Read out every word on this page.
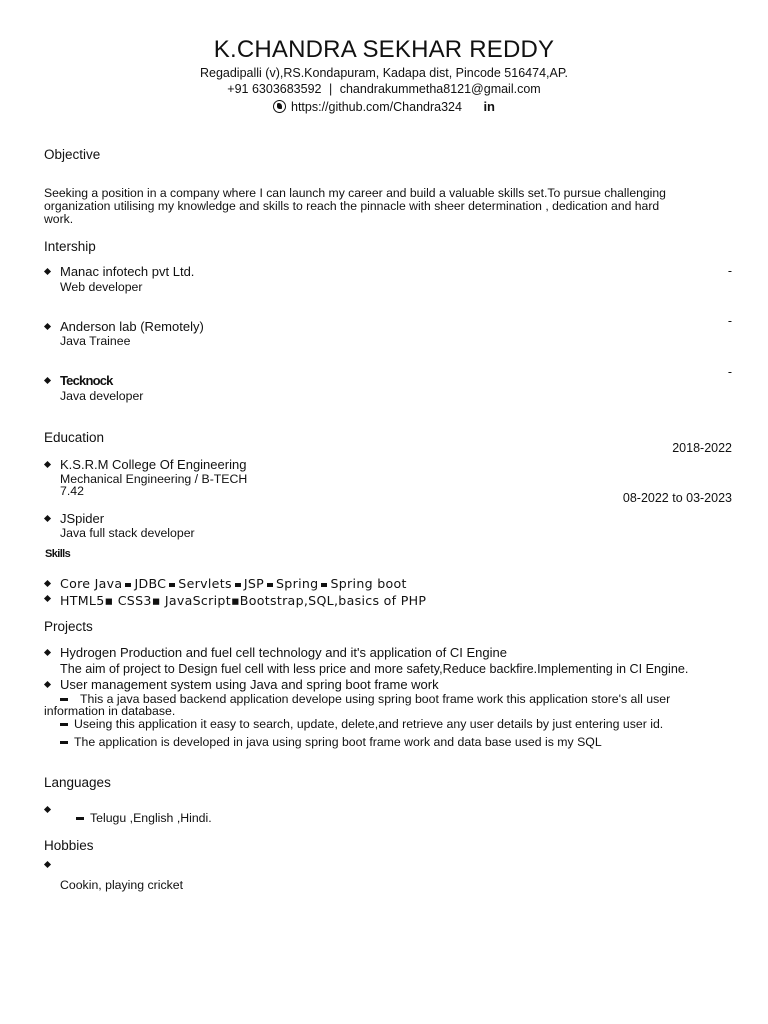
K.CHANDRA SEKHAR REDDY
Regadipalli (v),RS.Kondapuram, Kadapa dist, Pincode 516474,AP.
+91 6303683592 | chandrakummetha8121@gmail.com
https://github.com/Chandra324 in
Objective
Seeking a position in a company where I can launch my career and build a valuable skills set.To pursue challenging
organization utilising my knowledge and skills to reach the pinnacle with sheer determination , dedication and hard
work.
Intership
Manac infotech pvt Ltd.
Web developer
-
Anderson lab (Remotely)
Java Trainee
-
Tecknock
Java developer
-
Education
2018-2022
K.S.R.M College Of Engineering
Mechanical Engineering / B-TECH
7.42	08-2022 to 03-2023
JSpider
Java full stack developer
Skills
Core Java JDBC Servlets JSP Spring Spring boot
HTML5▪ CSS3▪ JavaScript▪Bootstrap,SQL,basics of PHP
Projects
Hydrogen Production and fuel cell technology and it's application of CI Engine
The aim of project to Design fuel cell with less price and more safety,Reduce backfire.Implementing in CI Engine.
User management system using Java and spring boot frame work
This a java based backend application develope using spring boot frame work this application store's all user
information in database.
Useing this application it easy to search, update, delete,and retrieve any user details by just entering user id.
The application is developed in java using spring boot frame work and data base used is my SQL
Languages
Telugu ,English ,Hindi.
Hobbies
Cookin, playing cricket
